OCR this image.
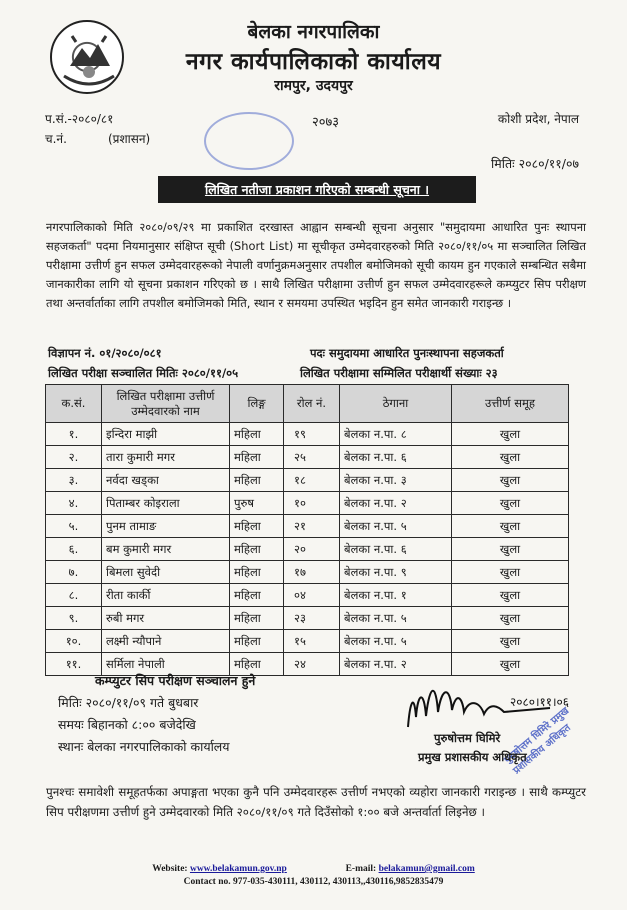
बेलका नगरपालिका
नगर कार्यपालिकाको कार्यालय
रामपुर, उदयपुर
प.सं.-२०८०/८१
च.नं.	(प्रशासन)
२०७३	कोशी प्रदेश, नेपाल
मितिः २०८०/११/०७
लिखित नतीजा प्रकाशन गरिएको सम्बन्धी सूचना ।
नगरपालिकाको मिति २०८०/०९/२९ मा प्रकाशित दरखास्त आह्वान सम्बन्धी सूचना अनुसार "समुदायमा आधारित पुनः स्थापना सहजकर्ता" पदमा नियमानुसार संक्षिप्त सूची (Short List) मा सूचीकृत उम्मेदवारहरुको मिति २०८०/११/०५ मा सञ्चालित लिखित परीक्षामा उत्तीर्ण हुन सफल उम्मेदवारहरूको नेपाली वर्णानुक्रमअनुसार तपशील बमोजिमको सूची कायम हुन गएकाले सम्बन्धित सबैमा जानकारीका लागि यो सूचना प्रकाशन गरिएको छ । साथै लिखित परीक्षामा उत्तीर्ण हुन सफल उम्मेदवारहरूले कम्प्युटर सिप परीक्षण तथा अन्तर्वार्ताका लागि तपशील बमोजिमको मिति, स्थान र समयमा उपस्थित भइदिन हुन समेत जानकारी गराइन्छ ।
विज्ञापन नं. ०१/२०८०/०८१	पदः समुदायमा आधारित पुनःस्थापना सहजकर्ता
लिखित परीक्षा सञ्चालित मितिः २०८०/११/०५	लिखित परीक्षामा सम्मिलित परीक्षार्थी संख्याः २३
क.सं.	लिखित परीक्षामा उत्तीर्ण उम्मेदवारको नाम	लिङ्ग	रोल नं.	ठेगाना	उत्तीर्ण समूह
१.	इन्दिरा माझी	महिला	१९	बेलका न.पा. ८	खुला
२.	तारा कुमारी मगर	महिला	२५	बेलका न.पा. ६	खुला
३.	नर्वदा खड्का	महिला	१८	बेलका न.पा. ३	खुला
४.	पिताम्बर कोइराला	पुरुष	१०	बेलका न.पा. २	खुला
५.	पुनम तामाङ	महिला	२१	बेलका न.पा. ५	खुला
६.	बम कुमारी मगर	महिला	२०	बेलका न.पा. ६	खुला
७.	बिमला सुवेदी	महिला	१७	बेलका न.पा. ९	खुला
८.	रीता कार्की	महिला	०४	बेलका न.पा. १	खुला
९.	रुबी मगर	महिला	२३	बेलका न.पा. ५	खुला
१०.	लक्ष्मी न्यौपाने	महिला	१५	बेलका न.पा. ५	खुला
११.	सर्मिला नेपाली	महिला	२४	बेलका न.पा. २	खुला
कम्प्युटर सिप परीक्षण सञ्चालन हुने
मितिः २०८०/११/०९ गते बुधबार
समयः बिहानको ८:०० बजेदेखि
स्थानः बेलका नगरपालिकाको कार्यालय
२०८०।११।०६
पुरुषोत्तम घिमिरे प्रमुख प्रशासकीय अधिकृत
पुरुषोत्तम घिमिरे
प्रमुख प्रशासकीय अधिकृत
पुनश्चः समावेशी समूहतर्फका अपाङ्गता भएका कुनै पनि उम्मेदवारहरू उत्तीर्ण नभएको व्यहोरा जानकारी गराइन्छ । साथै कम्प्युटर सिप परीक्षणमा उत्तीर्ण हुने उम्मेदवारको मिति २०८०/११/०९ गते दिउँसोको १:०० बजे अन्तर्वार्ता लिइनेछ ।
Website: www.belakamun.gov.np	E-mail: belakamun@gmail.com
Contact no. 977-035-430111, 430112, 430113,,430116,9852835479
